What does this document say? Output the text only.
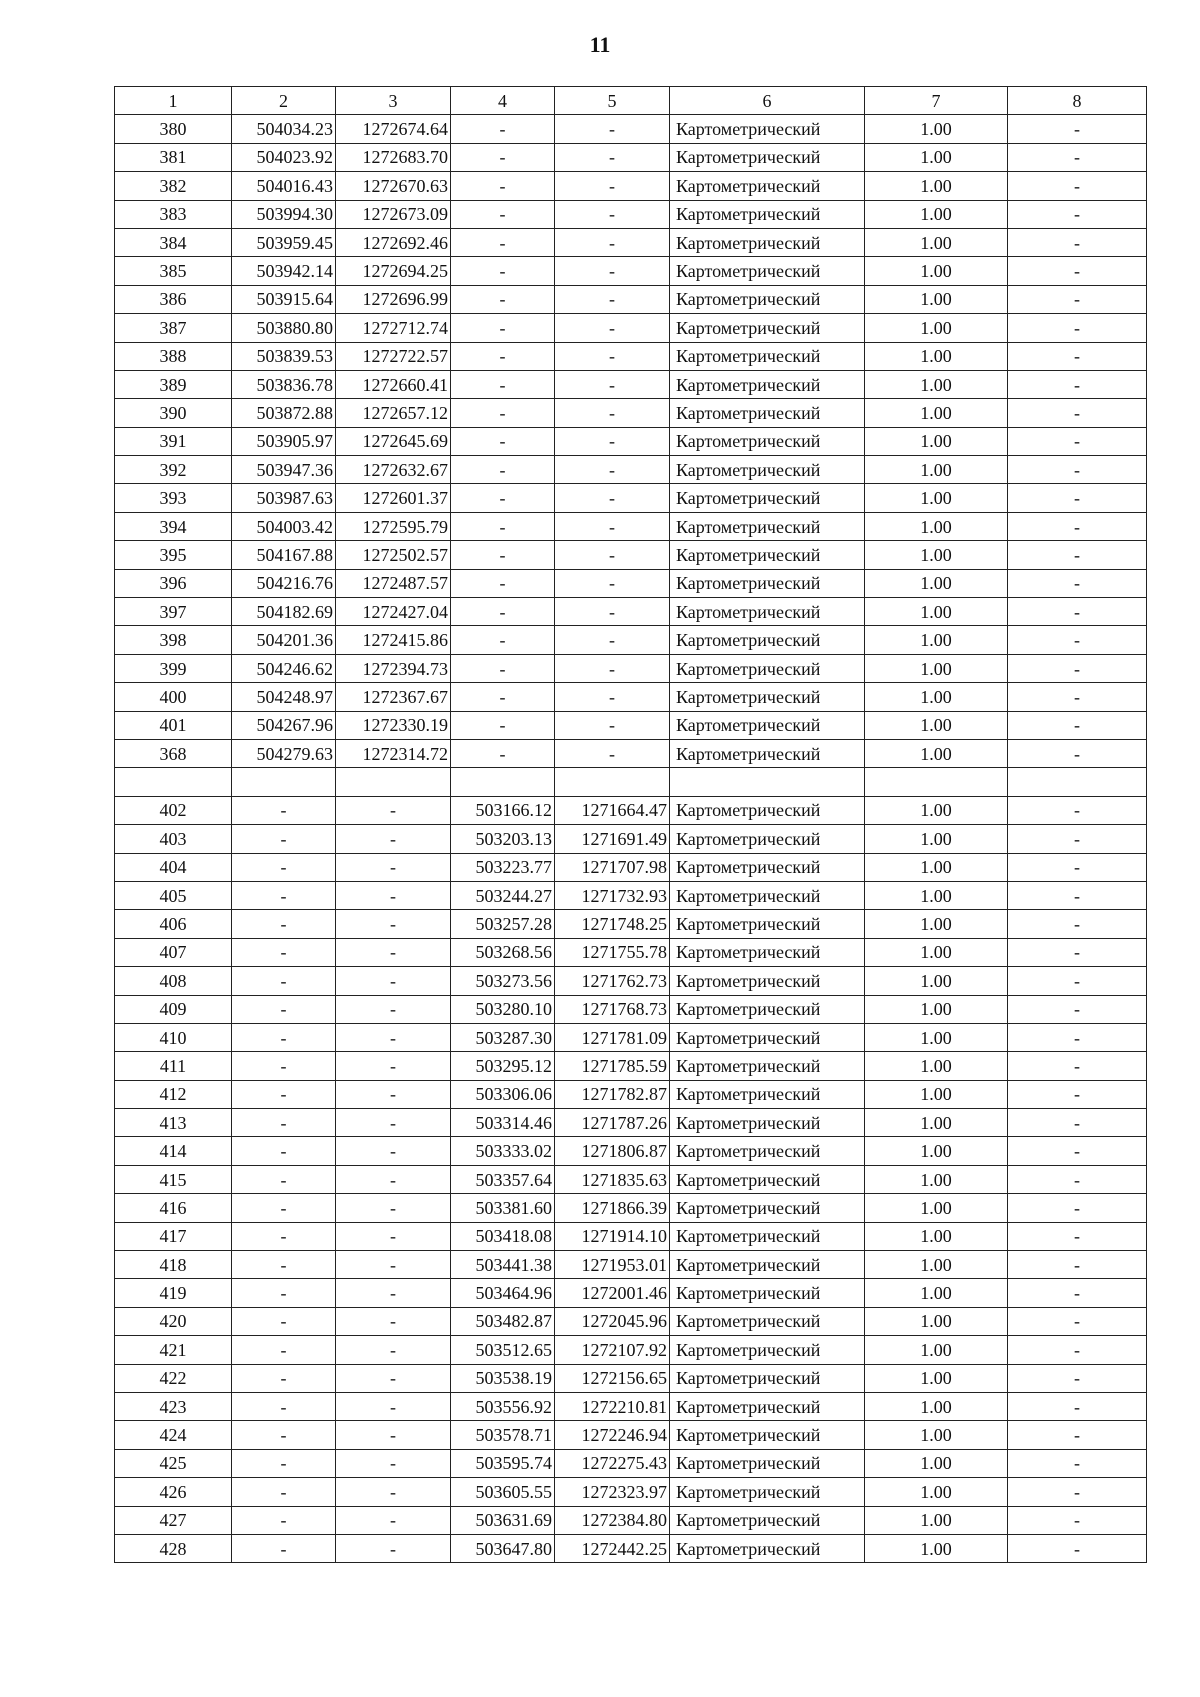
11
1	2	3	4	5	6	7	8
380	504034.23	1272674.64	-	-	Картометрический	1.00	-
381	504023.92	1272683.70	-	-	Картометрический	1.00	-
382	504016.43	1272670.63	-	-	Картометрический	1.00	-
383	503994.30	1272673.09	-	-	Картометрический	1.00	-
384	503959.45	1272692.46	-	-	Картометрический	1.00	-
385	503942.14	1272694.25	-	-	Картометрический	1.00	-
386	503915.64	1272696.99	-	-	Картометрический	1.00	-
387	503880.80	1272712.74	-	-	Картометрический	1.00	-
388	503839.53	1272722.57	-	-	Картометрический	1.00	-
389	503836.78	1272660.41	-	-	Картометрический	1.00	-
390	503872.88	1272657.12	-	-	Картометрический	1.00	-
391	503905.97	1272645.69	-	-	Картометрический	1.00	-
392	503947.36	1272632.67	-	-	Картометрический	1.00	-
393	503987.63	1272601.37	-	-	Картометрический	1.00	-
394	504003.42	1272595.79	-	-	Картометрический	1.00	-
395	504167.88	1272502.57	-	-	Картометрический	1.00	-
396	504216.76	1272487.57	-	-	Картометрический	1.00	-
397	504182.69	1272427.04	-	-	Картометрический	1.00	-
398	504201.36	1272415.86	-	-	Картометрический	1.00	-
399	504246.62	1272394.73	-	-	Картометрический	1.00	-
400	504248.97	1272367.67	-	-	Картометрический	1.00	-
401	504267.96	1272330.19	-	-	Картометрический	1.00	-
368	504279.63	1272314.72	-	-	Картометрический	1.00	-

402	-	-	503166.12	1271664.47	Картометрический	1.00	-
403	-	-	503203.13	1271691.49	Картометрический	1.00	-
404	-	-	503223.77	1271707.98	Картометрический	1.00	-
405	-	-	503244.27	1271732.93	Картометрический	1.00	-
406	-	-	503257.28	1271748.25	Картометрический	1.00	-
407	-	-	503268.56	1271755.78	Картометрический	1.00	-
408	-	-	503273.56	1271762.73	Картометрический	1.00	-
409	-	-	503280.10	1271768.73	Картометрический	1.00	-
410	-	-	503287.30	1271781.09	Картометрический	1.00	-
411	-	-	503295.12	1271785.59	Картометрический	1.00	-
412	-	-	503306.06	1271782.87	Картометрический	1.00	-
413	-	-	503314.46	1271787.26	Картометрический	1.00	-
414	-	-	503333.02	1271806.87	Картометрический	1.00	-
415	-	-	503357.64	1271835.63	Картометрический	1.00	-
416	-	-	503381.60	1271866.39	Картометрический	1.00	-
417	-	-	503418.08	1271914.10	Картометрический	1.00	-
418	-	-	503441.38	1271953.01	Картометрический	1.00	-
419	-	-	503464.96	1272001.46	Картометрический	1.00	-
420	-	-	503482.87	1272045.96	Картометрический	1.00	-
421	-	-	503512.65	1272107.92	Картометрический	1.00	-
422	-	-	503538.19	1272156.65	Картометрический	1.00	-
423	-	-	503556.92	1272210.81	Картометрический	1.00	-
424	-	-	503578.71	1272246.94	Картометрический	1.00	-
425	-	-	503595.74	1272275.43	Картометрический	1.00	-
426	-	-	503605.55	1272323.97	Картометрический	1.00	-
427	-	-	503631.69	1272384.80	Картометрический	1.00	-
428	-	-	503647.80	1272442.25	Картометрический	1.00	-
